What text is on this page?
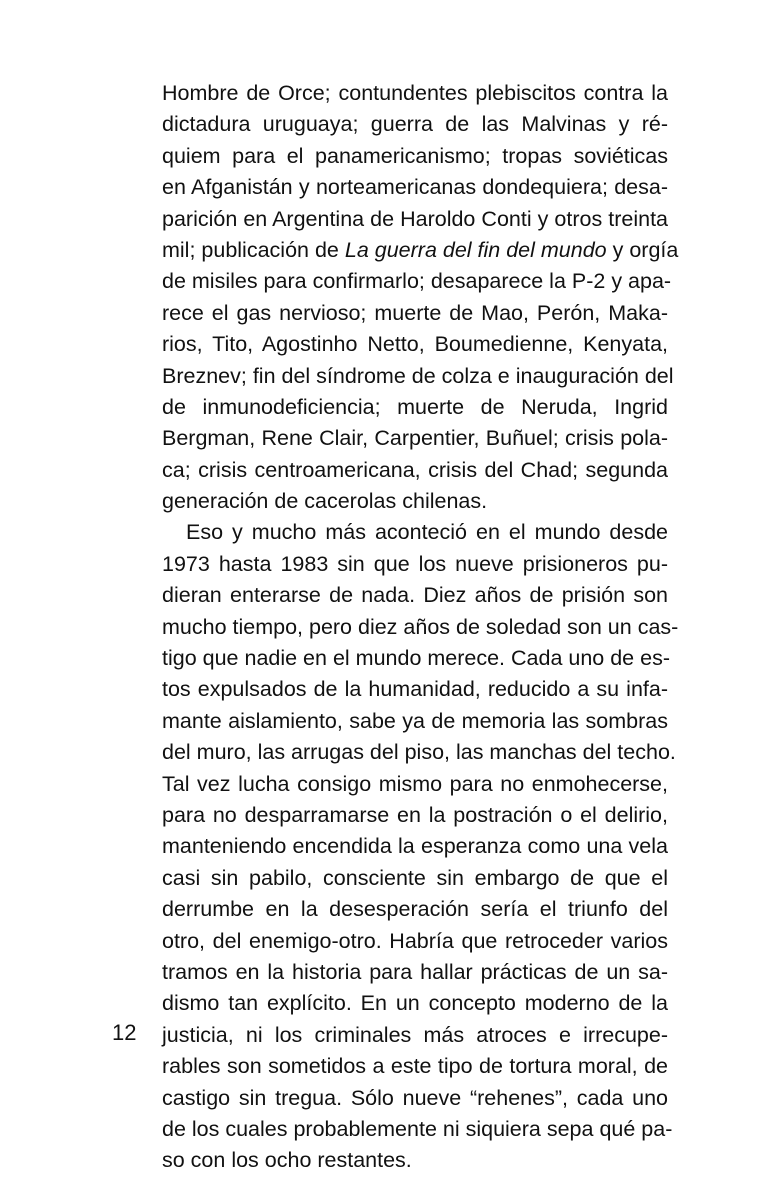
Hombre de Orce; contundentes plebiscitos contra la
dictadura uruguaya; guerra de las Malvinas y ré-
quiem para el panamericanismo; tropas soviéticas
en Afganistán y norteamericanas dondequiera; desa-
parición en Argentina de Haroldo Conti y otros treinta
mil; publicación de La guerra del fin del mundo y orgía
de misiles para confirmarlo; desaparece la P-2 y apa-
rece el gas nervioso; muerte de Mao, Perón, Maka-
rios, Tito, Agostinho Netto, Boumedienne, Kenyata,
Breznev; fin del síndrome de colza e inauguración del
de inmunodeficiencia; muerte de Neruda, Ingrid
Bergman, Rene Clair, Carpentier, Buñuel; crisis pola-
ca; crisis centroamericana, crisis del Chad; segunda
generación de cacerolas chilenas.
Eso y mucho más aconteció en el mundo desde
1973 hasta 1983 sin que los nueve prisioneros pu-
dieran enterarse de nada. Diez años de prisión son
mucho tiempo, pero diez años de soledad son un cas-
tigo que nadie en el mundo merece. Cada uno de es-
tos expulsados de la humanidad, reducido a su infa-
mante aislamiento, sabe ya de memoria las sombras
del muro, las arrugas del piso, las manchas del techo.
Tal vez lucha consigo mismo para no enmohecerse,
para no desparramarse en la postración o el delirio,
manteniendo encendida la esperanza como una vela
casi sin pabilo, consciente sin embargo de que el
derrumbe en la desesperación sería el triunfo del
otro, del enemigo-otro. Habría que retroceder varios
tramos en la historia para hallar prácticas de un sa-
dismo tan explícito. En un concepto moderno de la
justicia, ni los criminales más atroces e irrecupe-
rables son sometidos a este tipo de tortura moral, de
castigo sin tregua. Sólo nueve “rehenes”, cada uno
de los cuales probablemente ni siquiera sepa qué pa-
so con los ocho restantes.
12
